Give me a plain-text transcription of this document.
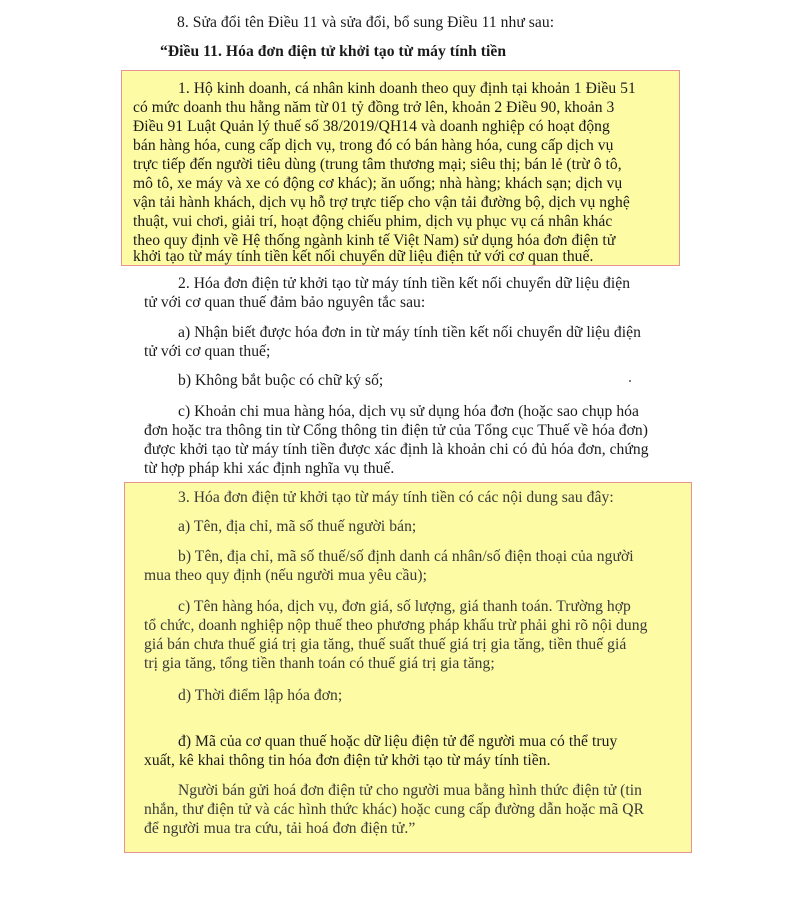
8. Sửa đổi tên Điều 11 và sửa đổi, bổ sung Điều 11 như sau:
“Điều 11. Hóa đơn điện tử khởi tạo từ máy tính tiền
1. Hộ kinh doanh, cá nhân kinh doanh theo quy định tại khoản 1 Điều 51
có mức doanh thu hằng năm từ 01 tỷ đồng trở lên, khoản 2 Điều 90, khoản 3
Điều 91 Luật Quản lý thuế số 38/2019/QH14 và doanh nghiệp có hoạt động
bán hàng hóa, cung cấp dịch vụ, trong đó có bán hàng hóa, cung cấp dịch vụ
trực tiếp đến người tiêu dùng (trung tâm thương mại; siêu thị; bán lẻ (trừ ô tô,
mô tô, xe máy và xe có động cơ khác); ăn uống; nhà hàng; khách sạn; dịch vụ
vận tải hành khách, dịch vụ hỗ trợ trực tiếp cho vận tải đường bộ, dịch vụ nghệ
thuật, vui chơi, giải trí, hoạt động chiếu phim, dịch vụ phục vụ cá nhân khác
theo quy định về Hệ thống ngành kinh tế Việt Nam) sử dụng hóa đơn điện tử
khởi tạo từ máy tính tiền kết nối chuyển dữ liệu điện tử với cơ quan thuế.
2. Hóa đơn điện tử khởi tạo từ máy tính tiền kết nối chuyển dữ liệu điện
tử với cơ quan thuế đảm bảo nguyên tắc sau:
a) Nhận biết được hóa đơn in từ máy tính tiền kết nối chuyển dữ liệu điện
tử với cơ quan thuế;
b) Không bắt buộc có chữ ký số;
c) Khoản chi mua hàng hóa, dịch vụ sử dụng hóa đơn (hoặc sao chụp hóa
đơn hoặc tra thông tin từ Cổng thông tin điện tử của Tổng cục Thuế về hóa đơn)
được khởi tạo từ máy tính tiền được xác định là khoản chi có đủ hóa đơn, chứng
từ hợp pháp khi xác định nghĩa vụ thuế.
3. Hóa đơn điện tử khởi tạo từ máy tính tiền có các nội dung sau đây:
a) Tên, địa chỉ, mã số thuế người bán;
b) Tên, địa chỉ, mã số thuế/số định danh cá nhân/số điện thoại của người
mua theo quy định (nếu người mua yêu cầu);
c) Tên hàng hóa, dịch vụ, đơn giá, số lượng, giá thanh toán. Trường hợp
tổ chức, doanh nghiệp nộp thuế theo phương pháp khấu trừ phải ghi rõ nội dung
giá bán chưa thuế giá trị gia tăng, thuế suất thuế giá trị gia tăng, tiền thuế giá
trị gia tăng, tổng tiền thanh toán có thuế giá trị gia tăng;
d) Thời điểm lập hóa đơn;
đ) Mã của cơ quan thuế hoặc dữ liệu điện tử để người mua có thể truy
xuất, kê khai thông tin hóa đơn điện tử khởi tạo từ máy tính tiền.
Người bán gửi hoá đơn điện tử cho người mua bằng hình thức điện tử (tin
nhắn, thư điện tử và các hình thức khác) hoặc cung cấp đường dẫn hoặc mã QR
để người mua tra cứu, tải hoá đơn điện tử.”
